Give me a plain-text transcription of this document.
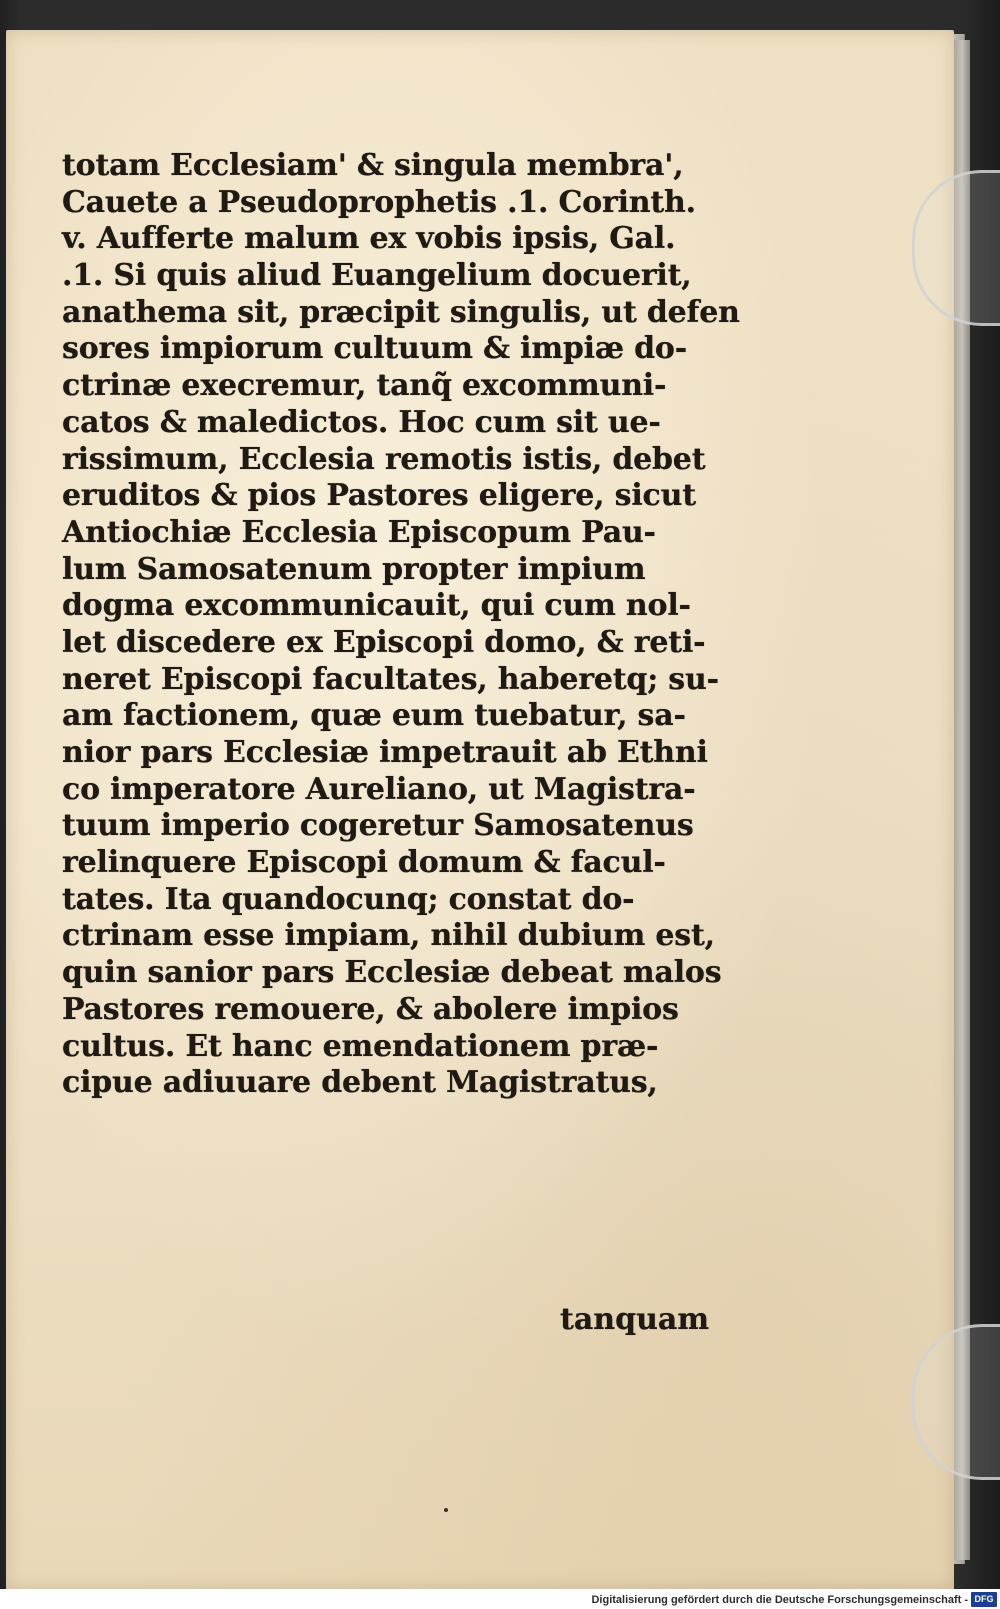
totam Ecclesiam' & singula membra',
Cauete a Pseudoprophetis .1. Corinth.
v. Aufferte malum ex vobis ipsis, Gal.
.1. Si quis aliud Euangelium docuerit,
anathema sit, præcipit singulis, ut defen
sores impiorum cultuum & impiæ do-
ctrinæ execremur, tanq̃ excommuni-
catos & maledictos. Hoc cum sit ue-
rissimum, Ecclesia remotis istis, debet
eruditos & pios Pastores eligere, sicut
Antiochiæ Ecclesia Episcopum Pau-
lum Samosatenum propter impium
dogma excommunicauit, qui cum nol-
let discedere ex Episcopi domo, & reti-
neret Episcopi facultates, haberetq; su-
am factionem, quæ eum tuebatur, sa-
nior pars Ecclesiæ impetrauit ab Ethni
co imperatore Aureliano, ut Magistra-
tuum imperio cogeretur Samosatenus
relinquere Episcopi domum & facul-
tates. Ita quandocunq; constat do-
ctrinam esse impiam, nihil dubium est,
quin sanior pars Ecclesiæ debeat malos
Pastores remouere, & abolere impios
cultus. Et hanc emendationem præ-
cipue adiuuare debent Magistratus,
tanquam
Digitalisierung gefördert durch die Deutsche Forschungsgemeinschaft - DFG
